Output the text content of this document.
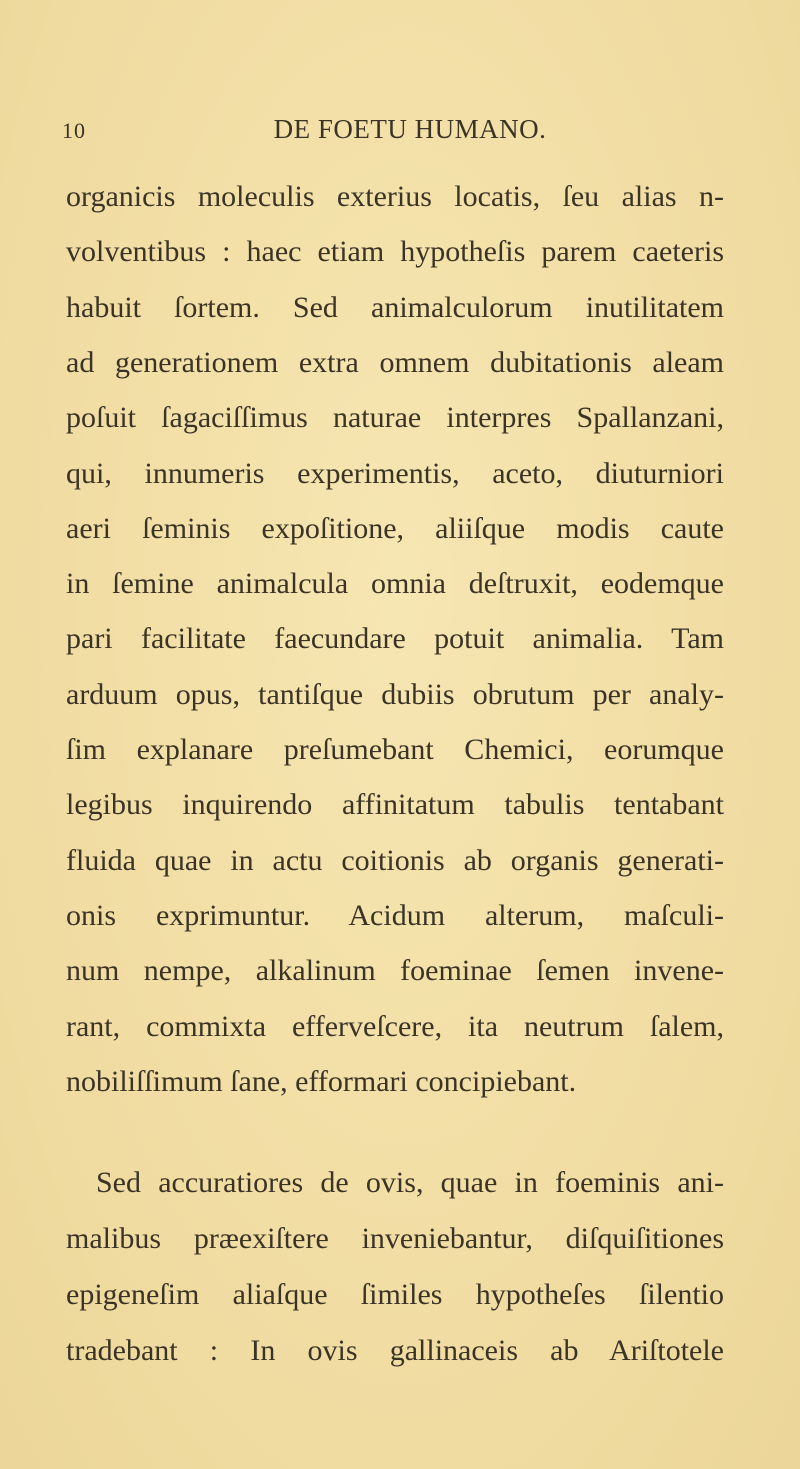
10	DE FOETU HUMANO.
organicis moleculis exterius locatis, ſeu alias n-
volventibus : haec etiam hypotheſis parem caeteris
habuit ſortem. Sed animalculorum inutilitatem
ad generationem extra omnem dubitationis aleam
poſuit ſagaciſſimus naturae interpres Spallanzani,
qui, innumeris experimentis, aceto, diuturniori
aeri ſeminis expoſitione, aliiſque modis caute
in ſemine animalcula omnia deſtruxit, eodemque
pari facilitate faecundare potuit animalia. Tam
arduum opus, tantiſque dubiis obrutum per analy-
ſim explanare preſumebant Chemici, eorumque
legibus inquirendo affinitatum tabulis tentabant
fluida quae in actu coitionis ab organis generati-
onis exprimuntur. Acidum alterum, maſculi-
num nempe, alkalinum foeminae ſemen invene-
rant, commixta effervеſcere, ita neutrum ſalem,
nobiliſſimum ſane, efformari concipiebant.
Sed accuratiores de ovis, quae in foeminis ani-
malibus præexiſtere inveniebantur, diſquiſitiones
epigeneſim aliaſque ſimiles hypotheſes ſilentio
tradebant : In ovis gallinaceis ab Ariſtotele
